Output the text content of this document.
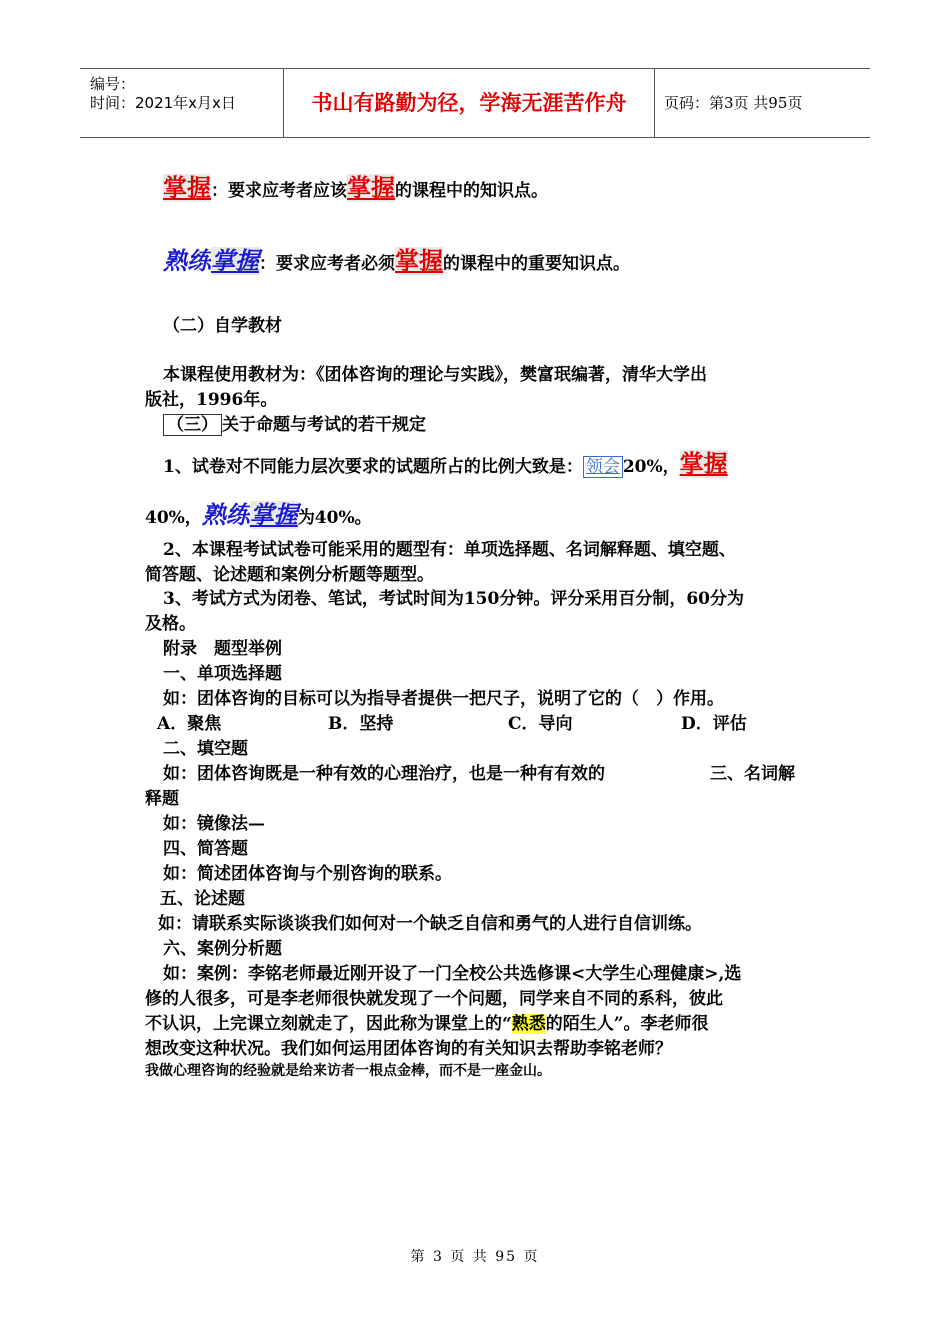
编号：
时间：2021年x月x日	书山有路勤为径，学海无涯苦作舟	页码：第3页 共95页
掌握：要求应考者应该掌握的课程中的知识点。
熟练掌握：要求应考者必须掌握的课程中的重要知识点。
（二）自学教材
本课程使用教材为：《团体咨询的理论与实践》，樊富珉编著，清华大学出
版社，1996年。
（三） 关于命题与考试的若干规定
1、试卷对不同能力层次要求的试题所占的比例大致是： 领会 20%，掌握
40%，熟练掌握为40%。
2、本课程考试试卷可能采用的题型有：单项选择题、名词解释题、填空题、
简答题、论述题和案例分析题等题型。
3、考试方式为闭卷、笔试，考试时间为150分钟。评分采用百分制，60分为
及格。
附录　题型举例
一、单项选择题
如：团体咨询的目标可以为指导者提供一把尺子，说明了它的（　）作用。
A．聚焦	B．坚持	C．导向	D．评估
二、填空题
如：团体咨询既是一种有效的心理治疗，也是一种有有效的	三、名词解
释题
如：镜像法—
四、简答题
如：简述团体咨询与个别咨询的联系。
五、论述题
如：请联系实际谈谈我们如何对一个缺乏自信和勇气的人进行自信训练。
六、案例分析题
如：案例：李铭老师最近刚开设了一门全校公共选修课<大学生心理健康>,选
修的人很多，可是李老师很快就发现了一个问题，同学来自不同的系科，彼此
不认识，上完课立刻就走了，因此称为课堂上的“熟悉的陌生人”。李老师很
想改变这种状况。我们如何运用团体咨询的有关知识去帮助李铭老师？
我做心理咨询的经验就是给来访者一根点金棒，而不是一座金山。
第 3 页 共 95 页
